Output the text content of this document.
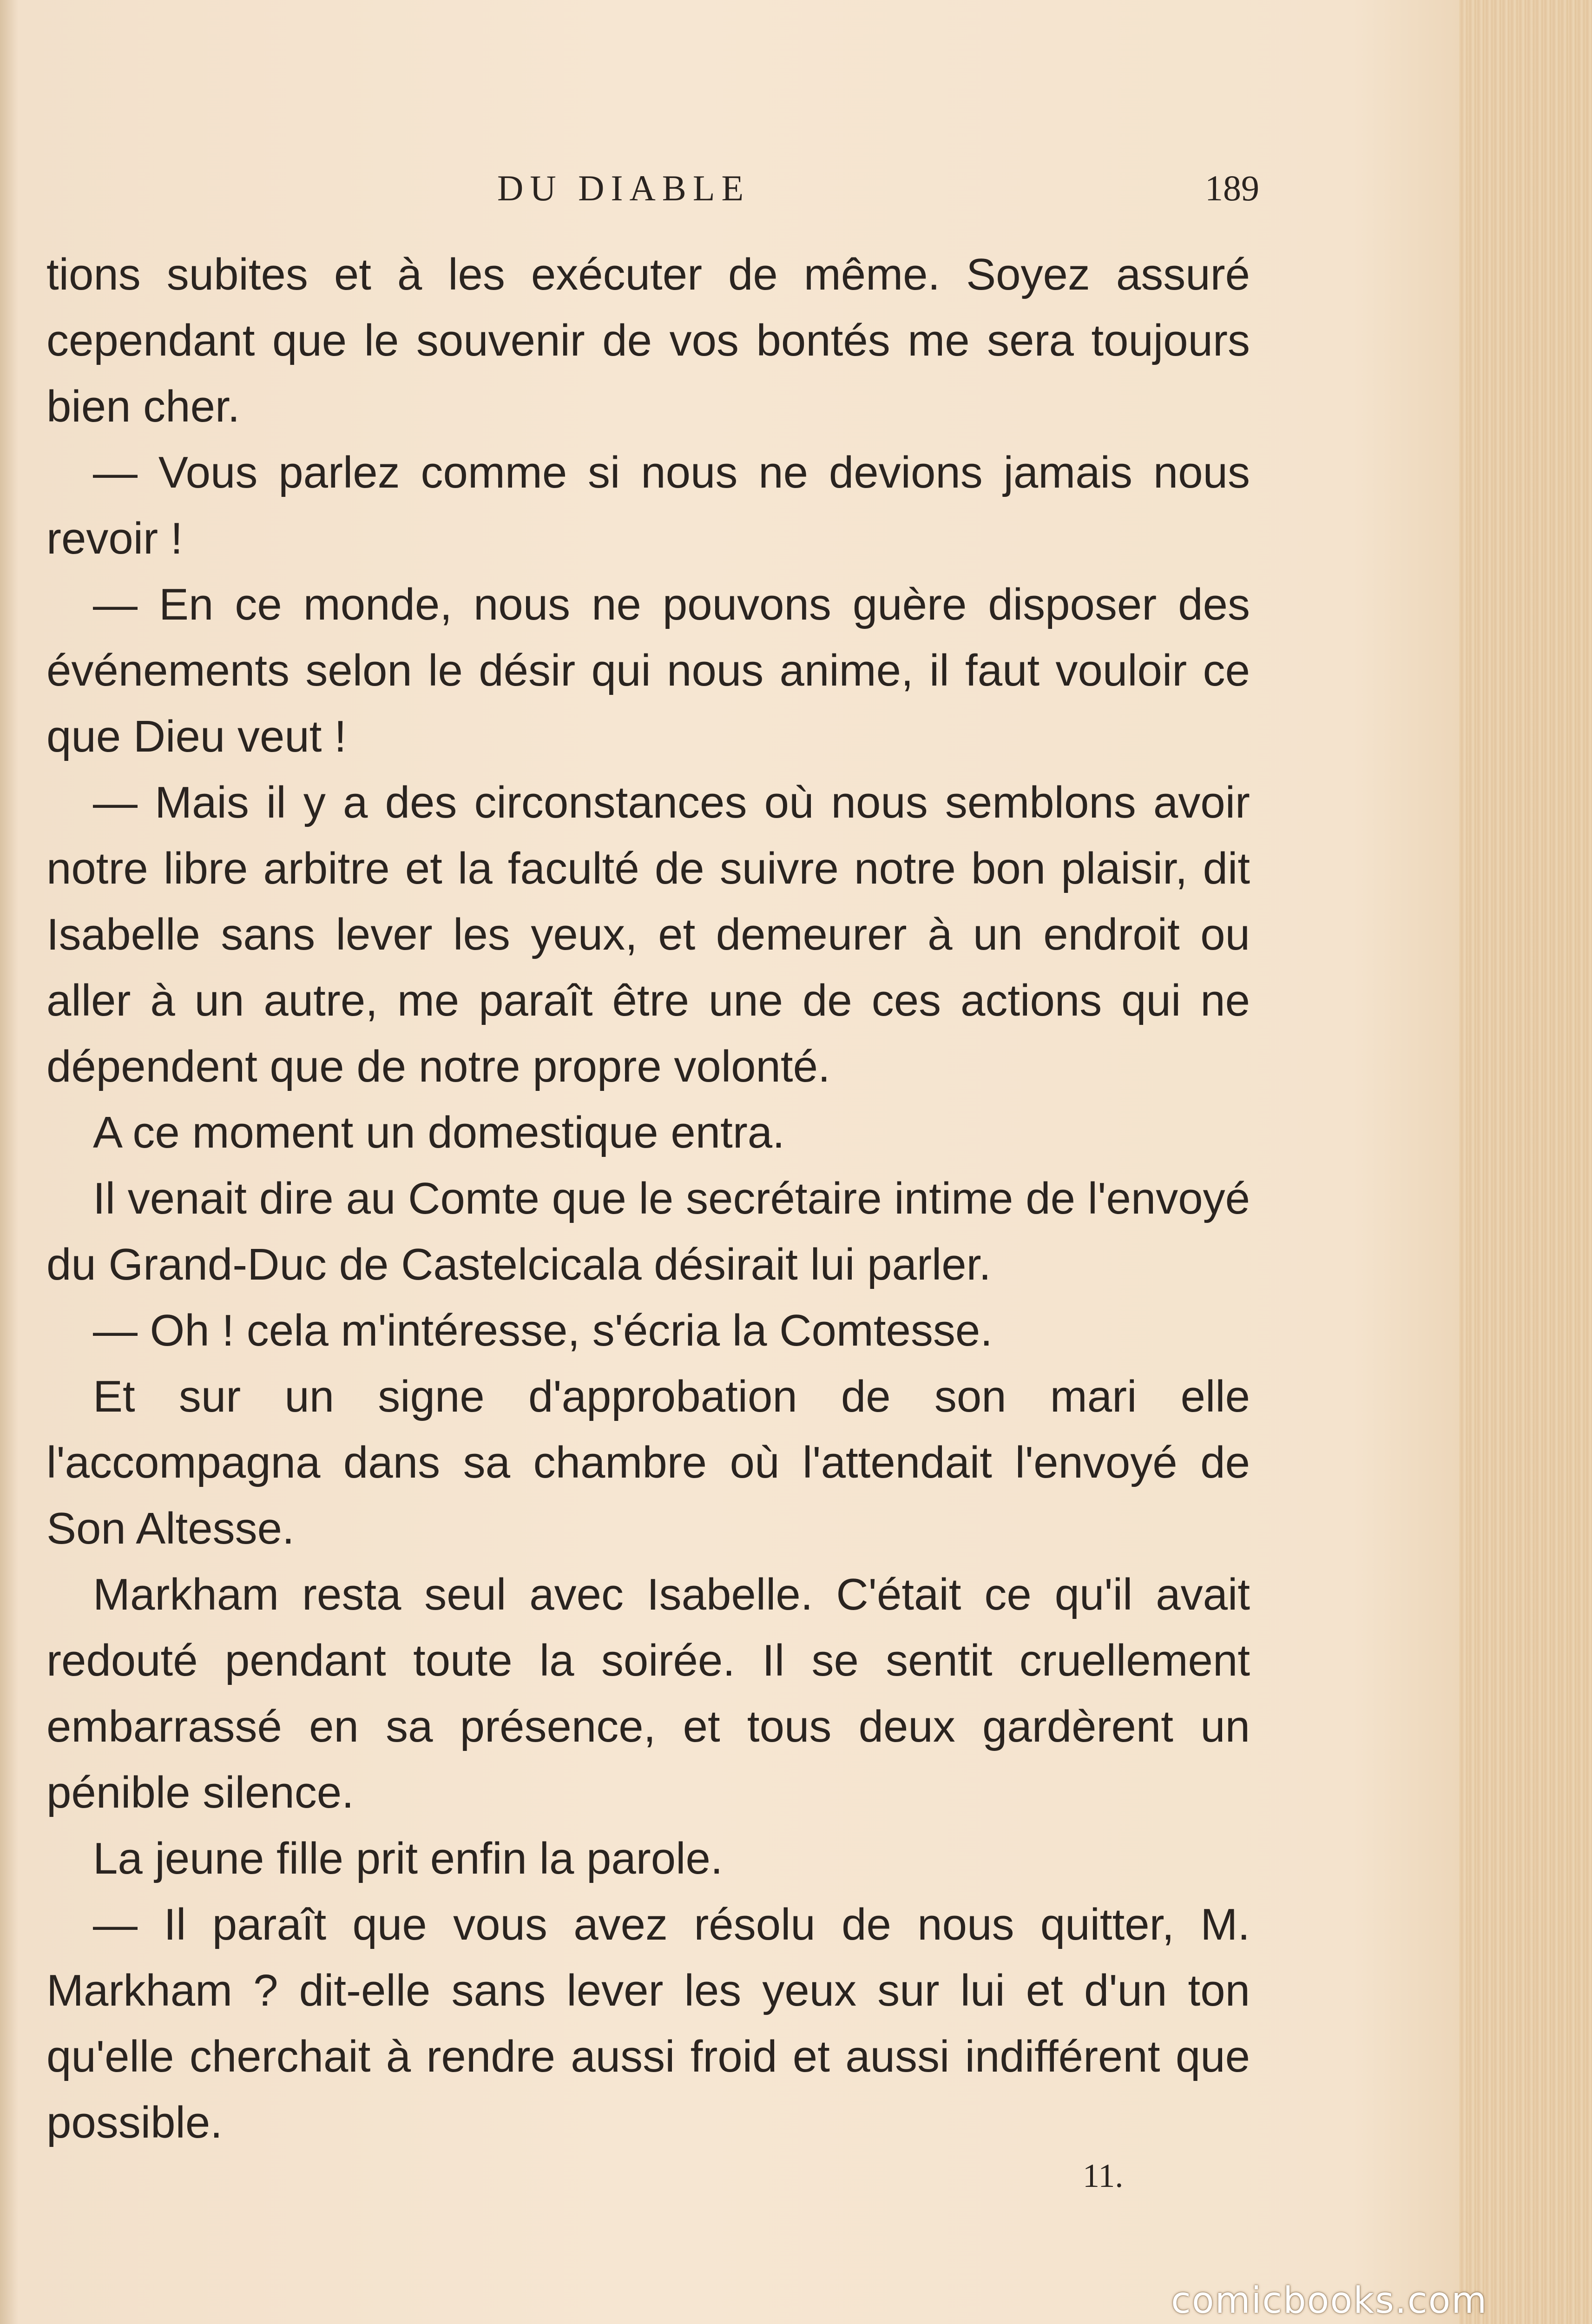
DU DIABLE	189

tions subites et à les exécuter de même. Soyez assuré cependant que le souvenir de vos bontés me sera toujours bien cher.

— Vous parlez comme si nous ne devions jamais nous revoir !

— En ce monde, nous ne pouvons guère disposer des événements selon le désir qui nous anime, il faut vouloir ce que Dieu veut !

— Mais il y a des circonstances où nous semblons avoir notre libre arbitre et la faculté de suivre notre bon plaisir, dit Isabelle sans lever les yeux, et demeurer à un endroit ou aller à un autre, me paraît être une de ces actions qui ne dépendent que de notre propre volonté.

A ce moment un domestique entra.

Il venait dire au Comte que le secrétaire intime de l'envoyé du Grand-Duc de Castelcicala désirait lui parler.

— Oh ! cela m'intéresse, s'écria la Comtesse.

Et sur un signe d'approbation de son mari elle l'accompagna dans sa chambre où l'attendait l'envoyé de Son Altesse.

Markham resta seul avec Isabelle. C'était ce qu'il avait redouté pendant toute la soirée. Il se sentit cruellement embarrassé en sa présence, et tous deux gardèrent un pénible silence.

La jeune fille prit enfin la parole.

— Il paraît que vous avez résolu de nous quitter, M. Markham ? dit-elle sans lever les yeux sur lui et d'un ton qu'elle cherchait à rendre aussi froid et aussi indifférent que possible.

11.
comicbooks.com
